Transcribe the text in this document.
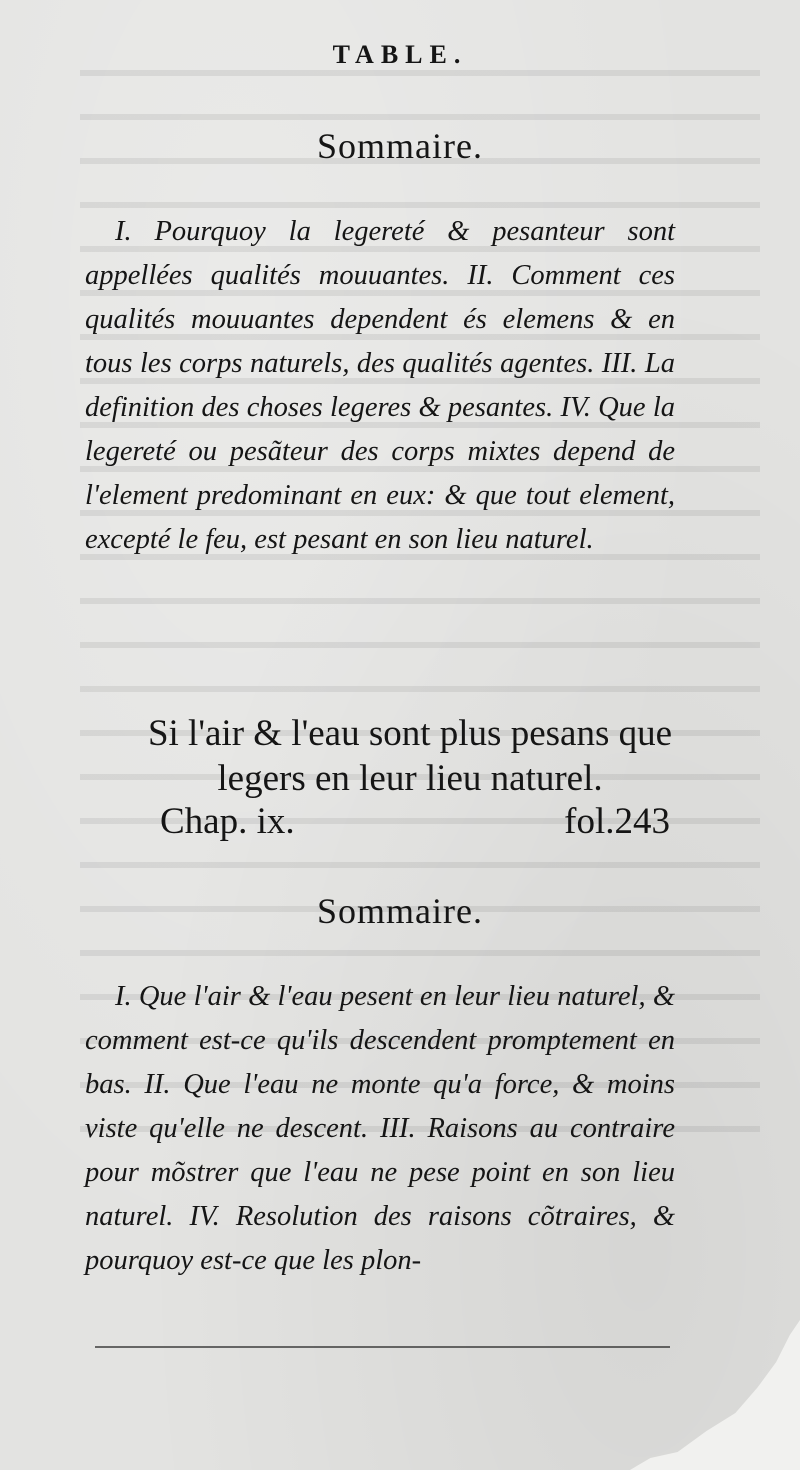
TABLE.
Sommaire.
I. Pourquoy la legereté & pesanteur sont appellées qualités mouuantes. II. Comment ces qualités mouuantes dependent és elemens & en tous les corps naturels, des qualités agentes. III. La definition des choses legeres & pesantes. IV. Que la legereté ou pesãteur des corps mixtes depend de l'element predominant en eux: & que tout element, excepté le feu, est pesant en son lieu naturel.
Si l'air & l'eau sont plus pesans que
legers en leur lieu naturel.
Chap. ix.	fol.243
Sommaire.
I. Que l'air & l'eau pesent en leur lieu naturel, & comment est-ce qu'ils descendent promptement en bas. II. Que l'eau ne monte qu'a force, & moins viste qu'elle ne descent. III. Raisons au contraire pour mõstrer que l'eau ne pese point en son lieu naturel. IV. Resolution des raisons cõtraires, & pourquoy est-ce que les plon-
